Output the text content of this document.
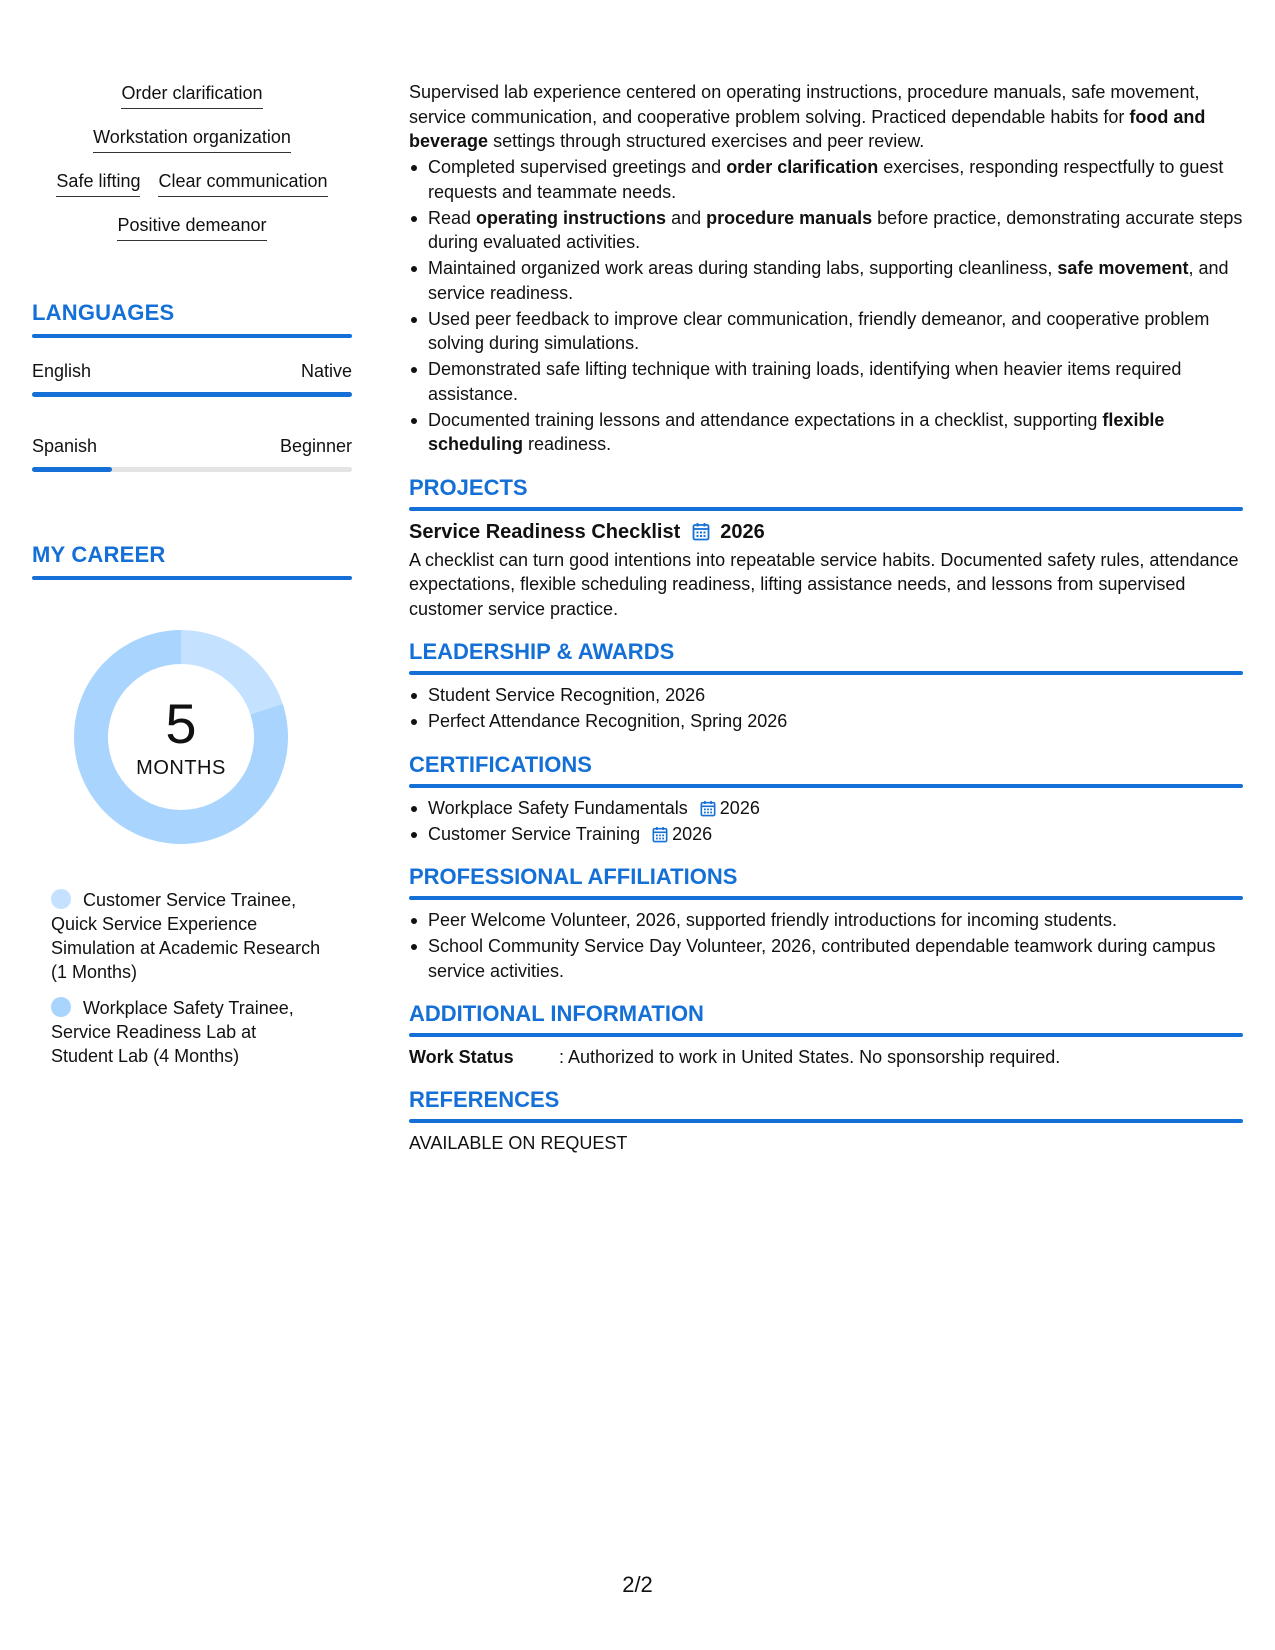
Order clarification
Workstation organization
Safe lifting Clear communication
Positive demeanor
LANGUAGES
English	Native
Spanish	Beginner
MY CAREER
5
MONTHS
Customer Service Trainee, Quick Service Experience Simulation at Academic Research (1 Months)
Workplace Safety Trainee, Service Readiness Lab at Student Lab (4 Months)
Supervised lab experience centered on operating instructions, procedure manuals, safe movement, service communication, and cooperative problem solving. Practiced dependable habits for food and beverage settings through structured exercises and peer review.
Completed supervised greetings and order clarification exercises, responding respectfully to guest requests and teammate needs.
Read operating instructions and procedure manuals before practice, demonstrating accurate steps during evaluated activities.
Maintained organized work areas during standing labs, supporting cleanliness, safe movement, and service readiness.
Used peer feedback to improve clear communication, friendly demeanor, and cooperative problem solving during simulations.
Demonstrated safe lifting technique with training loads, identifying when heavier items required assistance.
Documented training lessons and attendance expectations in a checklist, supporting flexible scheduling readiness.
PROJECTS
Service Readiness Checklist 2026
A checklist can turn good intentions into repeatable service habits. Documented safety rules, attendance expectations, flexible scheduling readiness, lifting assistance needs, and lessons from supervised customer service practice.
LEADERSHIP & AWARDS
Student Service Recognition, 2026
Perfect Attendance Recognition, Spring 2026
CERTIFICATIONS
Workplace Safety Fundamentals 2026
Customer Service Training 2026
PROFESSIONAL AFFILIATIONS
Peer Welcome Volunteer, 2026, supported friendly introductions for incoming students.
School Community Service Day Volunteer, 2026, contributed dependable teamwork during campus service activities.
ADDITIONAL INFORMATION
Work Status	: Authorized to work in United States. No sponsorship required.
REFERENCES
AVAILABLE ON REQUEST
2/2
